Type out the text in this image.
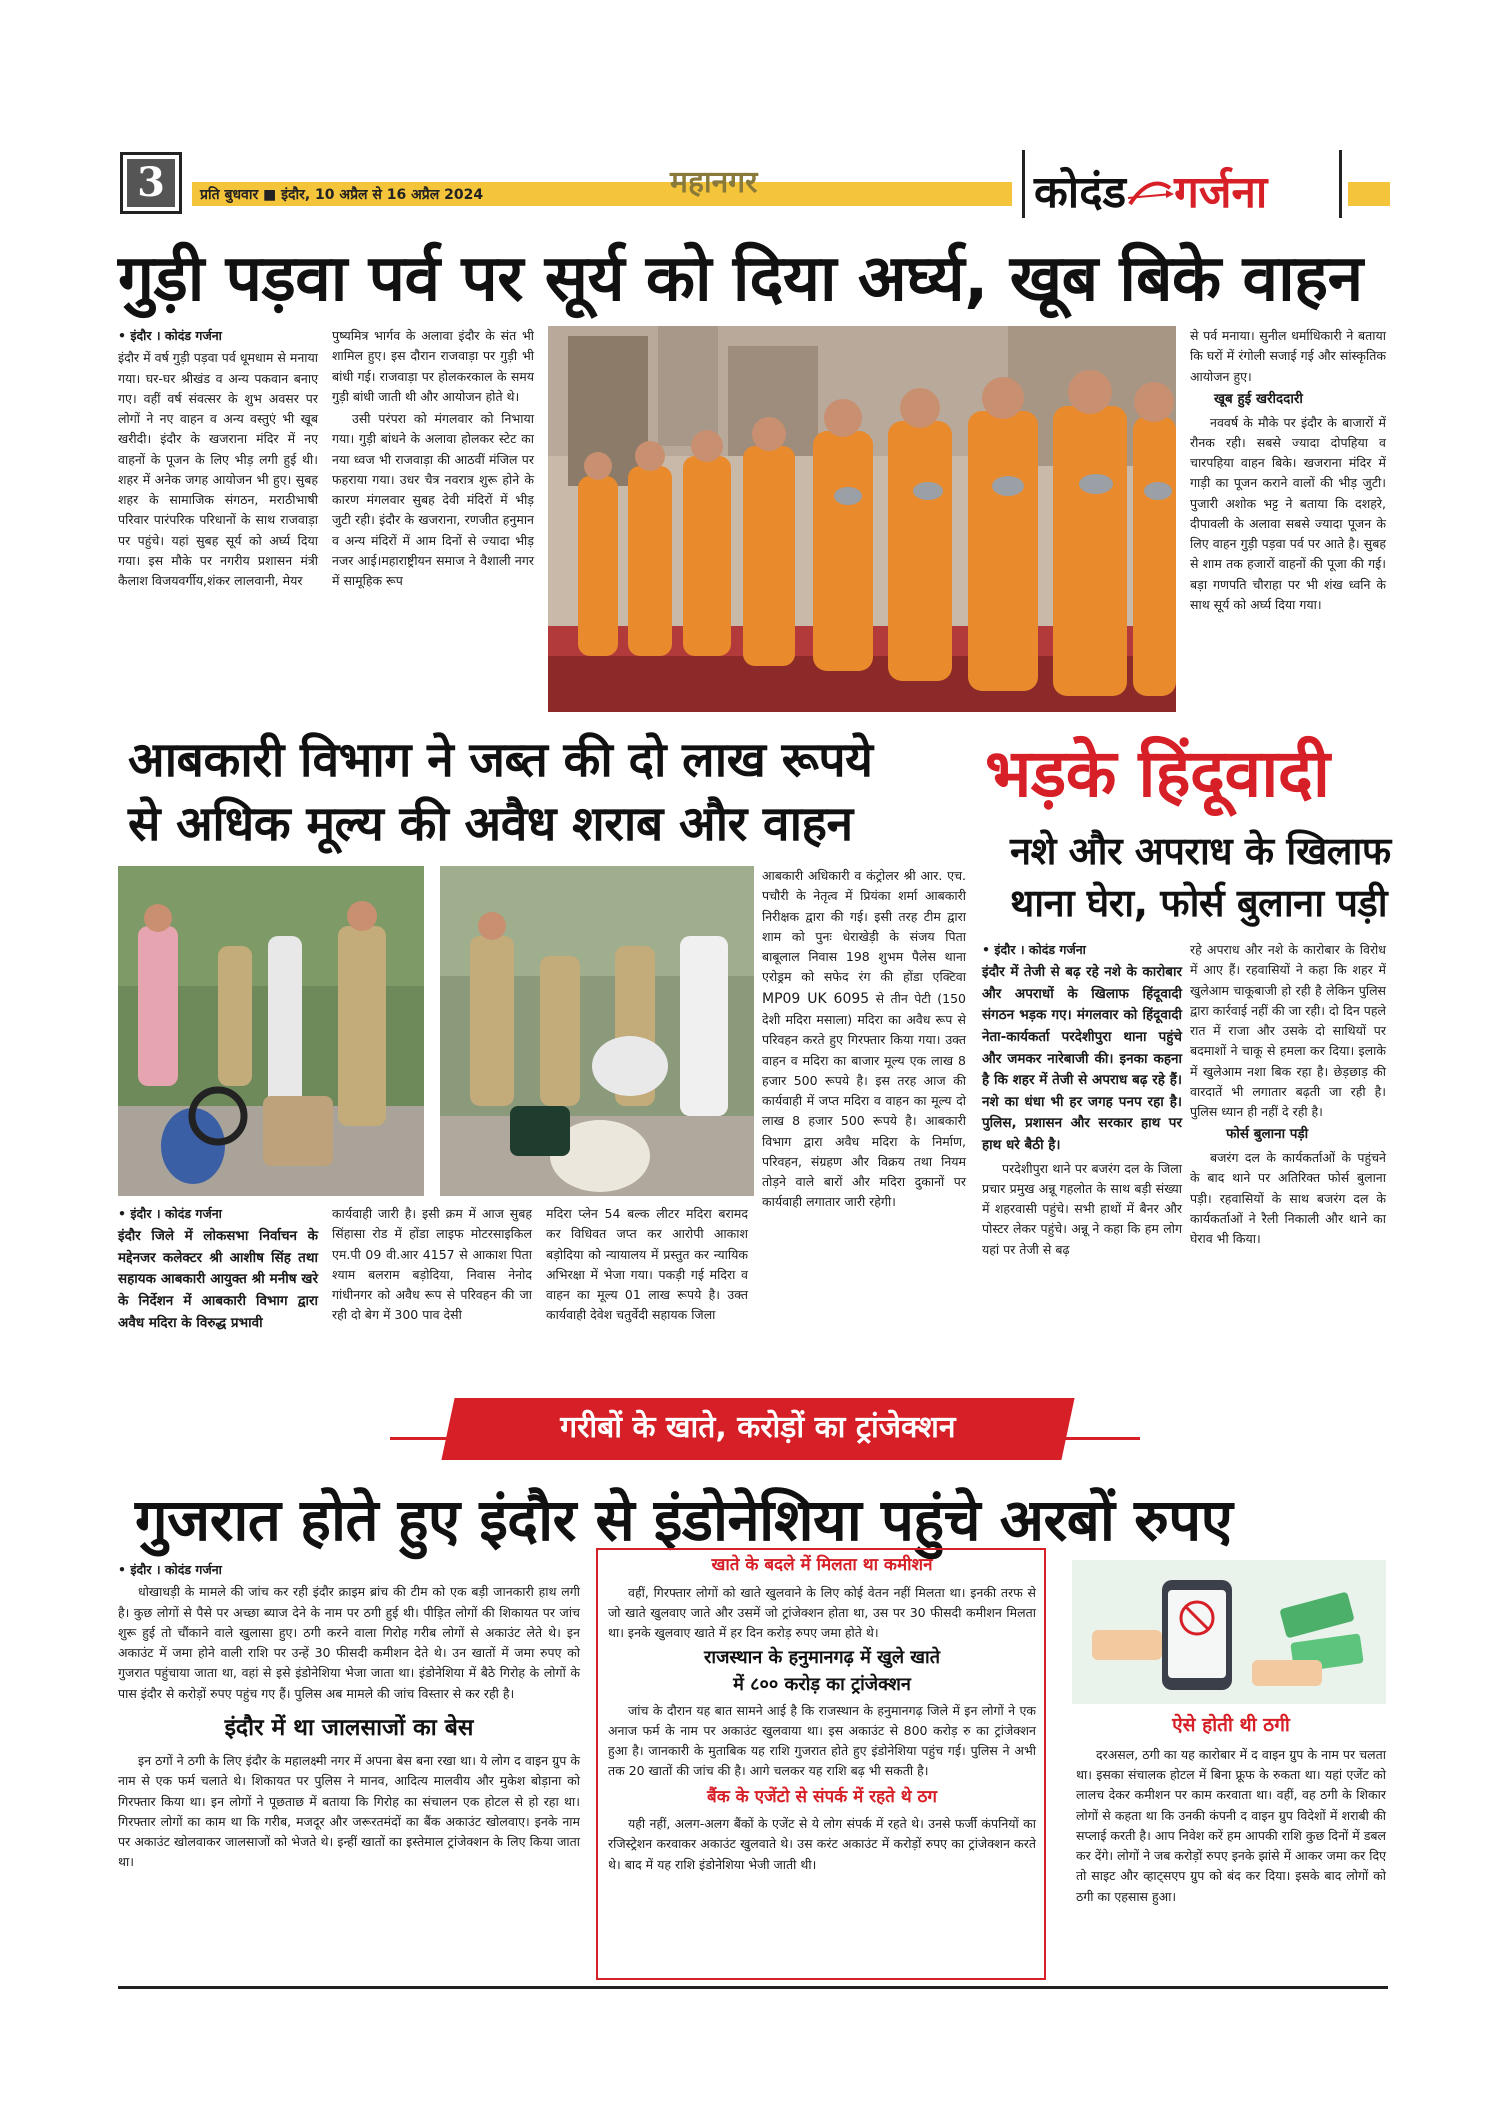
3	प्रति बुधवार ■ इंदौर, 10 अप्रैल से 16 अप्रैल 2024	महानगर	कोदंड गर्जना
गुड़ी पड़वा पर्व पर सूर्य को दिया अर्घ्य, खूब बिके वाहन

• इंदौर । कोदंड गर्जना

इंदौर में वर्ष गुड़ी पड़वा पर्व धूमधाम से मनाया गया। घर-घर श्रीखंड व अन्य पकवान बनाए गए। वहीं वर्ष संवत्सर के शुभ अवसर पर लोगों ने नए वाहन व अन्य वस्तुएं भी खूब खरीदी। इंदौर के खजराना मंदिर में नए वाहनों के पूजन के लिए भीड़ लगी हुई थी। शहर में अनेक जगह आयोजन भी हुए। सुबह शहर के सामाजिक संगठन, मराठीभाषी परिवार पारंपरिक परिधानों के साथ राजवाड़ा पर पहुंचे। यहां सुबह सूर्य को अर्घ्य दिया गया। इस मौके पर नगरीय प्रशासन मंत्री कैलाश विजयवर्गीय,शंकर लालवानी, मेयर

पुष्यमित्र भार्गव के अलावा इंदौर के संत भी शामिल हुए। इस दौरान राजवाड़ा पर गुड़ी भी बांधी गई। राजवाड़ा पर होलकरकाल के समय गुड़ी बांधी जाती थी और आयोजन होते थे।

उसी परंपरा को मंगलवार को निभाया गया। गुड़ी बांधने के अलावा होलकर स्टेट का नया ध्वज भी राजवाड़ा की आठवीं मंजिल पर फहराया गया। उधर चैत्र नवरात्र शुरू होने के कारण मंगलवार सुबह देवी मंदिरों में भीड़ जुटी रही। इंदौर के खजराना, रणजीत हनुमान व अन्य मंदिरों में आम दिनों से ज्यादा भीड़ नजर आई।महाराष्ट्रीयन समाज ने वैशाली नगर में सामूहिक रूप

से पर्व मनाया। सुनील धर्माधिकारी ने बताया कि घरों में रंगोली सजाई गई और सांस्कृतिक आयोजन हुए।

खूब हुई खरीददारी

नववर्ष के मौके पर इंदौर के बाजारों में रौनक रही। सबसे ज्यादा दोपहिया व चारपहिया वाहन बिके। खजराना मंदिर में गाड़ी का पूजन कराने वालों की भीड़ जुटी। पुजारी अशोक भट्ट ने बताया कि दशहरे, दीपावली के अलावा सबसे ज्यादा पूजन के लिए वाहन गुड़ी पड़वा पर्व पर आते है। सुबह से शाम तक हजारों वाहनों की पूजा की गई। बड़ा गणपति चौराहा पर भी शंख ध्वनि के साथ सूर्य को अर्घ्य दिया गया।

आबकारी विभाग ने जब्त की दो लाख रूपये
से अधिक मूल्य की अवैध शराब और वाहन

• इंदौर । कोदंड गर्जना

इंदौर जिले में लोकसभा निर्वाचन के मद्देनजर कलेक्टर श्री आशीष सिंह तथा सहायक आबकारी आयुक्त श्री मनीष खरे के निर्देशन में आबकारी विभाग द्वारा अवैध मदिरा के विरुद्ध प्रभावी

कार्यवाही जारी है। इसी क्रम में आज सुबह सिंहासा रोड में होंडा लाइफ मोटरसाइकिल एम.पी 09 वी.आर 4157 से आकाश पिता श्याम बलराम बड़ोदिया, निवास नेनोद गांधीनगर को अवैध रूप से परिवहन की जा रही दो बेग में 300 पाव देसी

मदिरा प्लेन 54 बल्क लीटर मदिरा बरामद कर विधिवत जप्त कर आरोपी आकाश बड़ोदिया को न्यायालय में प्रस्तुत कर न्यायिक अभिरक्षा में भेजा गया। पकड़ी गई मदिरा व वाहन का मूल्य 01 लाख रूपये है। उक्त कार्यवाही देवेश चतुर्वेदी सहायक जिला

आबकारी अधिकारी व कंट्रोलर श्री आर. एच. पचौरी के नेतृत्व में प्रियंका शर्मा आबकारी निरीक्षक द्वारा की गई। इसी तरह टीम द्वारा शाम को पुनः धेराखेड़ी के संजय पिता बाबूलाल निवास 198 शुभम पैलेस थाना एरोड्रम को सफेद रंग की होंडा एक्टिवा MP09 UK 6095 से तीन पेटी (150 देशी मदिरा मसाला) मदिरा का अवैध रूप से परिवहन करते हुए गिरफ्तार किया गया। उक्त वाहन व मदिरा का बाजार मूल्य एक लाख 8 हजार 500 रूपये है। इस तरह आज की कार्यवाही में जप्त मदिरा व वाहन का मूल्य दो लाख 8 हजार 500 रूपये है। आबकारी विभाग द्वारा अवैध मदिरा के निर्माण, परिवहन, संग्रहण और विक्रय तथा नियम तोड़ने वाले बारों और मदिरा दुकानों पर कार्यवाही लगातार जारी रहेगी।

भड़के हिंदूवादी
नशे और अपराध के खिलाफ
थाना घेरा, फोर्स बुलाना पड़ी

• इंदौर । कोदंड गर्जना

इंदौर में तेजी से बढ़ रहे नशे के कारोबार और अपराधों के खिलाफ हिंदूवादी संगठन भड़क गए। मंगलवार को हिंदूवादी नेता-कार्यकर्ता परदेशीपुरा थाना पहुंचे और जमकर नारेबाजी की। इनका कहना है कि शहर में तेजी से अपराध बढ़ रहे हैं। नशे का धंधा भी हर जगह पनप रहा है। पुलिस, प्रशासन और सरकार हाथ पर हाथ धरे बैठी है।

परदेशीपुरा थाने पर बजरंग दल के जिला प्रचार प्रमुख अन्नू गहलोत के साथ बड़ी संख्या में शहरवासी पहुंचे। सभी हाथों में बैनर और पोस्टर लेकर पहुंचे। अन्नू ने कहा कि हम लोग यहां पर तेजी से बढ़

रहे अपराध और नशे के कारोबार के विरोध में आए हैं। रहवासियों ने कहा कि शहर में खुलेआम चाकूबाजी हो रही है लेकिन पुलिस द्वारा कार्रवाई नहीं की जा रही। दो दिन पहले रात में राजा और उसके दो साथियों पर बदमाशों ने चाकू से हमला कर दिया। इलाके में खुलेआम नशा बिक रहा है। छेड़छाड़ की वारदातें भी लगातार बढ़ती जा रही है। पुलिस ध्यान ही नहीं दे रही है।

फोर्स बुलाना पड़ी

बजरंग दल के कार्यकर्ताओं के पहुंचने के बाद थाने पर अतिरिक्त फोर्स बुलाना पड़ी। रहवासियों के साथ बजरंग दल के कार्यकर्ताओं ने रैली निकाली और थाने का घेराव भी किया।

गरीबों के खाते, करोड़ों का ट्रांजेक्शन
गुजरात होते हुए इंदौर से इंडोनेशिया पहुंचे अरबों रुपए

• इंदौर । कोदंड गर्जना

धोखाधड़ी के मामले की जांच कर रही इंदौर क्राइम ब्रांच की टीम को एक बड़ी जानकारी हाथ लगी है। कुछ लोगों से पैसे पर अच्छा ब्याज देने के नाम पर ठगी हुई थी। पीड़ित लोगों की शिकायत पर जांच शुरू हुई तो चौंकाने वाले खुलासा हुए। ठगी करने वाला गिरोह गरीब लोगों से अकाउंट लेते थे। इन अकाउंट में जमा होने वाली राशि पर उन्हें 30 फीसदी कमीशन देते थे। उन खातों में जमा रुपए को गुजरात पहुंचाया जाता था, वहां से इसे इंडोनेशिया भेजा जाता था। इंडोनेशिया में बैठे गिरोह के लोगों के पास इंदौर से करोड़ों रुपए पहुंच गए हैं। पुलिस अब मामले की जांच विस्तार से कर रही है।

इंदौर में था जालसाजों का बेस

इन ठगों ने ठगी के लिए इंदौर के महालक्ष्मी नगर में अपना बेस बना रखा था। ये लोग द वाइन ग्रुप के नाम से एक फर्म चलाते थे। शिकायत पर पुलिस ने मानव, आदित्य मालवीय और मुकेश बोड़ाना को गिरफ्तार किया था। इन लोगों ने पूछताछ में बताया कि गिरोह का संचालन एक होटल से हो रहा था। गिरफ्तार लोगों का काम था कि गरीब, मजदूर और जरूरतमंदों का बैंक अकाउंट खोलवाए। इनके नाम पर अकाउंट खोलवाकर जालसाजों को भेजते थे। इन्हीं खातों का इस्तेमाल ट्रांजेक्शन के लिए किया जाता था।

खाते के बदले में मिलता था कमीशन

वहीं, गिरफ्तार लोगों को खाते खुलवाने के लिए कोई वेतन नहीं मिलता था। इनकी तरफ से जो खाते खुलवाए जाते और उसमें जो ट्रांजेक्शन होता था, उस पर 30 फीसदी कमीशन मिलता था। इनके खुलवाए खाते में हर दिन करोड़ रुपए जमा होते थे।

राजस्थान के हनुमानगढ़ में खुले खाते

में ८०० करोड़ का ट्रांजेक्शन

जांच के दौरान यह बात सामने आई है कि राजस्थान के हनुमानगढ़ जिले में इन लोगों ने एक अनाज फर्म के नाम पर अकाउंट खुलवाया था। इस अकाउंट से 800 करोड़ रु का ट्रांजेक्शन हुआ है। जानकारी के मुताबिक यह राशि गुजरात होते हुए इंडोनेशिया पहुंच गई। पुलिस ने अभी तक 20 खातों की जांच की है। आगे चलकर यह राशि बढ़ भी सकती है।

बैंक के एजेंटो से संपर्क में रहते थे ठग

यही नहीं, अलग-अलग बैंकों के एजेंट से ये लोग संपर्क में रहते थे। उनसे फर्जी कंपनियों का रजिस्ट्रेशन करवाकर अकाउंट खुलवाते थे। उस करंट अकाउंट में करोड़ों रुपए का ट्रांजेक्शन करते थे। बाद में यह राशि इंडोनेशिया भेजी जाती थी।

ऐसे होती थी ठगी

दरअसल, ठगी का यह कारोबार में द वाइन ग्रुप के नाम पर चलता था। इसका संचालक होटल में बिना फ्रूफ के रुकता था। यहां एजेंट को लालच देकर कमीशन पर काम करवाता था। वहीं, वह ठगी के शिकार लोगों से कहता था कि उनकी कंपनी द वाइन ग्रुप विदेशों में शराबी की सप्लाई करती है। आप निवेश करें हम आपकी राशि कुछ दिनों में डबल कर देंगे। लोगों ने जब करोड़ों रुपए इनके झांसे में आकर जमा कर दिए तो साइट और व्हाट्सएप ग्रुप को बंद कर दिया। इसके बाद लोगों को ठगी का एहसास हुआ।
